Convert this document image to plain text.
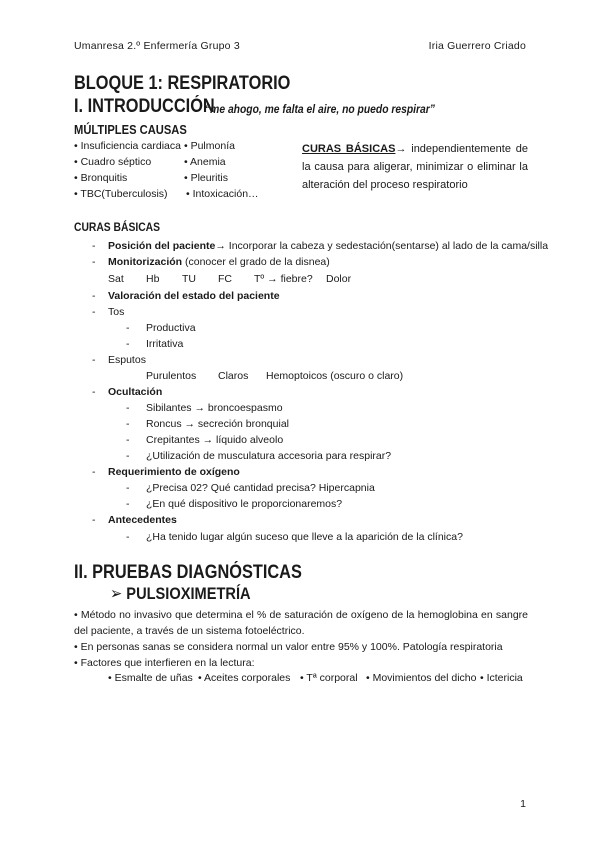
Umanresa 2.º Enfermería Grupo 3	Iria Guerrero Criado
BLOQUE 1: RESPIRATORIO
I. INTRODUCCIÓN
“me ahogo, me falta el aire, no puedo respirar”
MÚLTIPLES CAUSAS
• Insuficiencia cardiaca
• Cuadro séptico
• Bronquitis
• TBC(Tuberculosis)
• Pulmonía
• Anemia
• Pleuritis
• Intoxicación…
CURAS BÁSICAS→ independientemente de la causa para aligerar, minimizar o eliminar la alteración del proceso respiratorio
CURAS BÁSICAS
- Posición del paciente→ Incorporar la cabeza y sedestación(sentarse) al lado de la cama/silla
- Monitorización (conocer el grado de la disnea)
Sat Hb TU FC Tº → fiebre? Dolor
- Valoración del estado del paciente
- Tos
- Productiva
- Irritativa
- Esputos
Purulentos Claros Hemoptoicos (oscuro o claro)
- Ocultación
- Sibilantes → broncoespasmo
- Roncus → secreción bronquial
- Crepitantes → líquido alveolo
- ¿Utilización de musculatura accesoria para respirar?
- Requerimiento de oxígeno
- ¿Precisa 02? Qué cantidad precisa? Hipercapnia
- ¿En qué dispositivo le proporcionaremos?
- Antecedentes
- ¿Ha tenido lugar algún suceso que lleve a la aparición de la clínica?
II. PRUEBAS DIAGNÓSTICAS
➢ PULSIOXIMETRÍA
• Método no invasivo que determina el % de saturación de oxígeno de la hemoglobina en sangre del paciente, a través de un sistema fotoeléctrico.
• En personas sanas se considera normal un valor entre 95% y 100%. Patología respiratoria
• Factores que interfieren en la lectura:
• Esmalte de uñas • Aceites corporales • Tª corporal • Movimientos del dicho • Ictericia
1
